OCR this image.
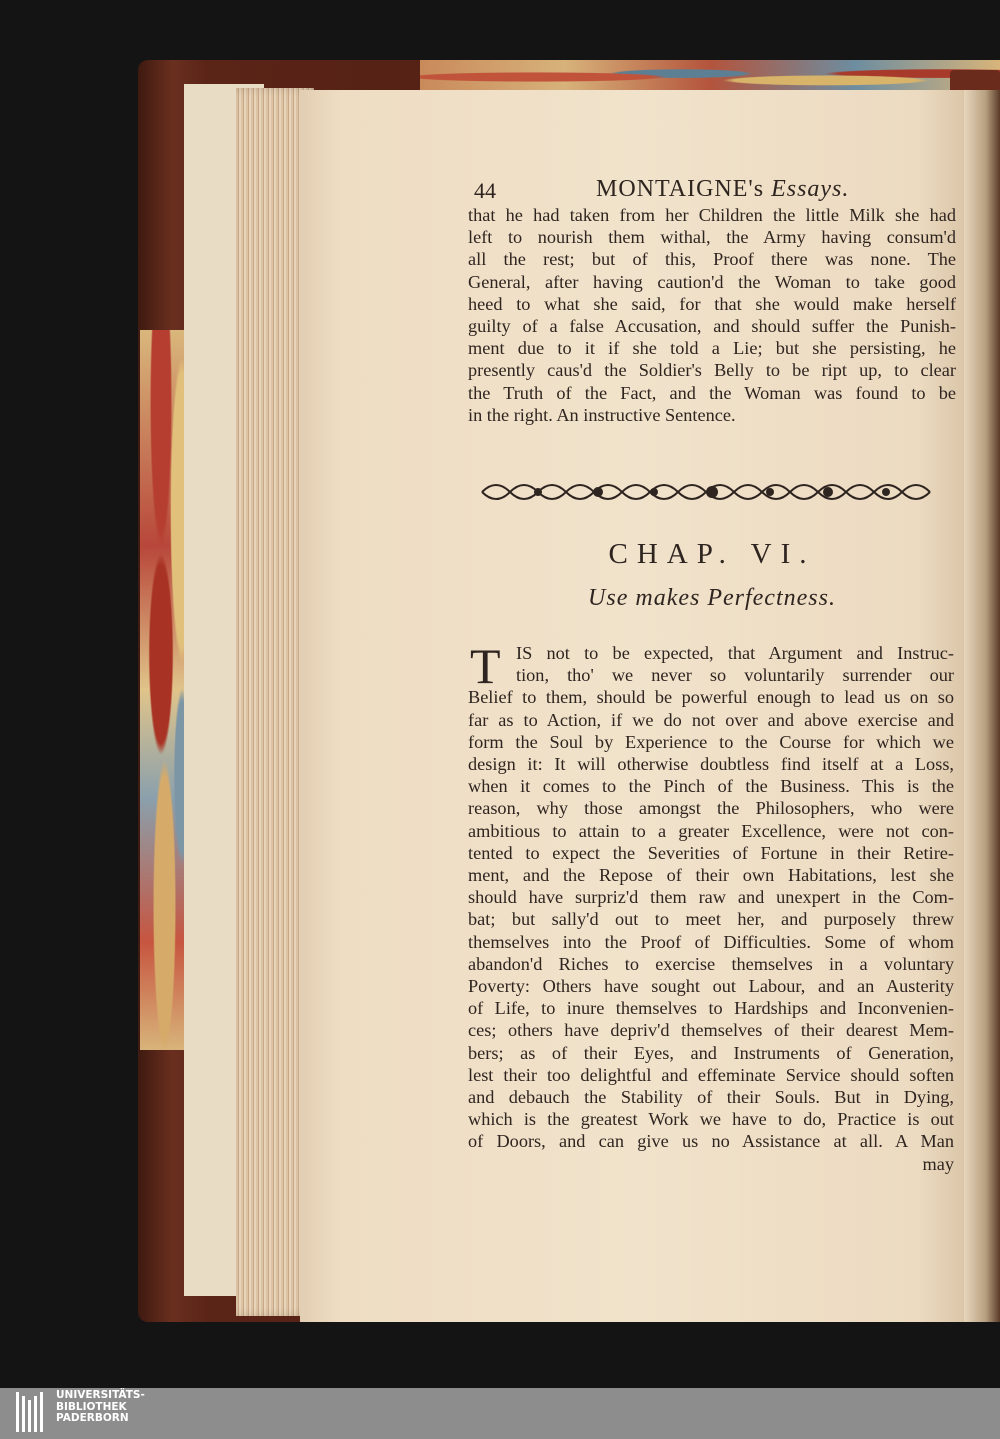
44	MONTAIGNE's Essays.
that he had taken from her Children the little Milk she had
left to nourish them withal, the Army having consum'd
all the rest; but of this, Proof there was none. The
General, after having caution'd the Woman to take good
heed to what she said, for that she would make herself
guilty of a false Accusation, and should suffer the Punish-
ment due to it if she told a Lie; but she persisting, he
presently caus'd the Soldier's Belly to be ript up, to clear
the Truth of the Fact, and the Woman was found to be
in the right. An instructive Sentence.
CHAP. VI.
Use makes Perfectness.
T IS not to be expected, that Argument and Instruc-
tion, tho' we never so voluntarily surrender our
Belief to them, should be powerful enough to lead us on so
far as to Action, if we do not over and above exercise and
form the Soul by Experience to the Course for which we
design it: It will otherwise doubtless find itself at a Loss,
when it comes to the Pinch of the Business. This is the
reason, why those amongst the Philosophers, who were
ambitious to attain to a greater Excellence, were not con-
tented to expect the Severities of Fortune in their Retire-
ment, and the Repose of their own Habitations, lest she
should have surpriz'd them raw and unexpert in the Com-
bat; but sally'd out to meet her, and purposely threw
themselves into the Proof of Difficulties. Some of whom
abandon'd Riches to exercise themselves in a voluntary
Poverty: Others have sought out Labour, and an Austerity
of Life, to inure themselves to Hardships and Inconvenien-
ces; others have depriv'd themselves of their dearest Mem-
bers; as of their Eyes, and Instruments of Generation,
lest their too delightful and effeminate Service should soften
and debauch the Stability of their Souls. But in Dying,
which is the greatest Work we have to do, Practice is out
of Doors, and can give us no Assistance at all. A Man
may
UNIVERSITÄTS-
BIBLIOTHEK
PADERBORN
